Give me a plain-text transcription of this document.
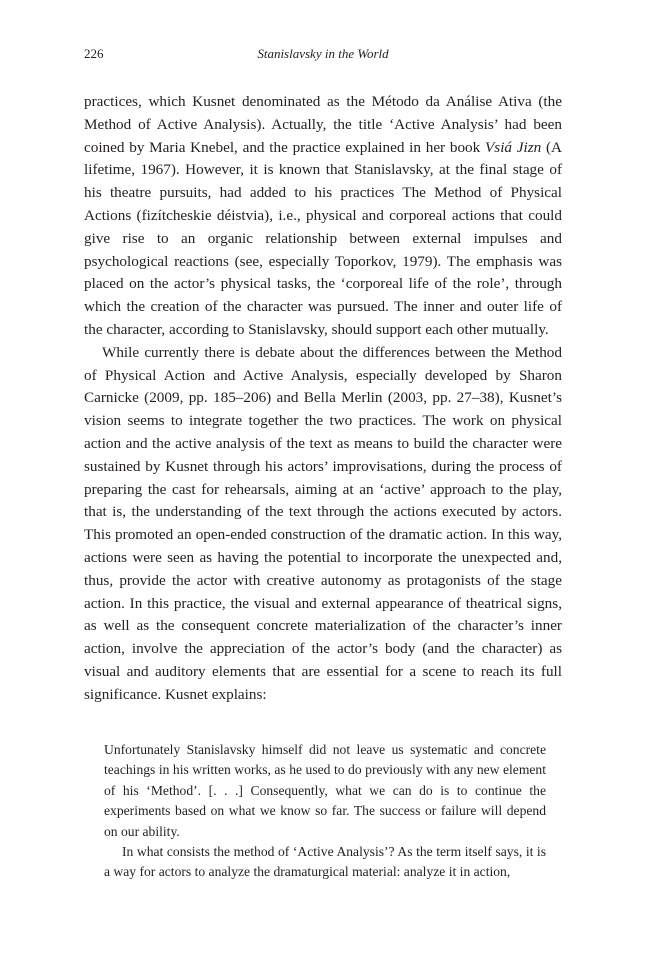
226	Stanislavsky in the World

practices, which Kusnet denominated as the Método da Análise Ativa (the Method of Active Analysis). Actually, the title ‘Active Analysis’ had been coined by Maria Knebel, and the practice explained in her book Vsiá Jizn (A lifetime, 1967). However, it is known that Stanislavsky, at the final stage of his theatre pursuits, had added to his practices The Method of Physical Actions (fizítcheskie déistvia), i.e., physical and corporeal actions that could give rise to an organic relationship between external impulses and psychological reactions (see, especially Toporkov, 1979). The emphasis was placed on the actor’s physical tasks, the ‘corporeal life of the role’, through which the creation of the character was pursued. The inner and outer life of the character, according to Stanislavsky, should support each other mutually.

While currently there is debate about the differences between the Method of Physical Action and Active Analysis, especially developed by Sharon Carnicke (2009, pp. 185–206) and Bella Merlin (2003, pp. 27–38), Kusnet’s vision seems to integrate together the two practices. The work on physical action and the active analysis of the text as means to build the character were sustained by Kusnet through his actors’ improvisations, during the process of preparing the cast for rehearsals, aiming at an ‘active’ approach to the play, that is, the understanding of the text through the actions executed by actors. This promoted an open-ended construction of the dramatic action. In this way, actions were seen as having the potential to incorporate the unexpected and, thus, provide the actor with creative autonomy as protagonists of the stage action. In this practice, the visual and external appearance of theatrical signs, as well as the consequent concrete materialization of the character’s inner action, involve the appreciation of the actor’s body (and the character) as visual and auditory elements that are essential for a scene to reach its full significance. Kusnet explains:

Unfortunately Stanislavsky himself did not leave us systematic and concrete teachings in his written works, as he used to do previously with any new element of his ‘Method’. [. . .] Consequently, what we can do is to continue the experiments based on what we know so far. The success or failure will depend on our ability.

In what consists the method of ‘Active Analysis’? As the term itself says, it is a way for actors to analyze the dramaturgical material: analyze it in action,
